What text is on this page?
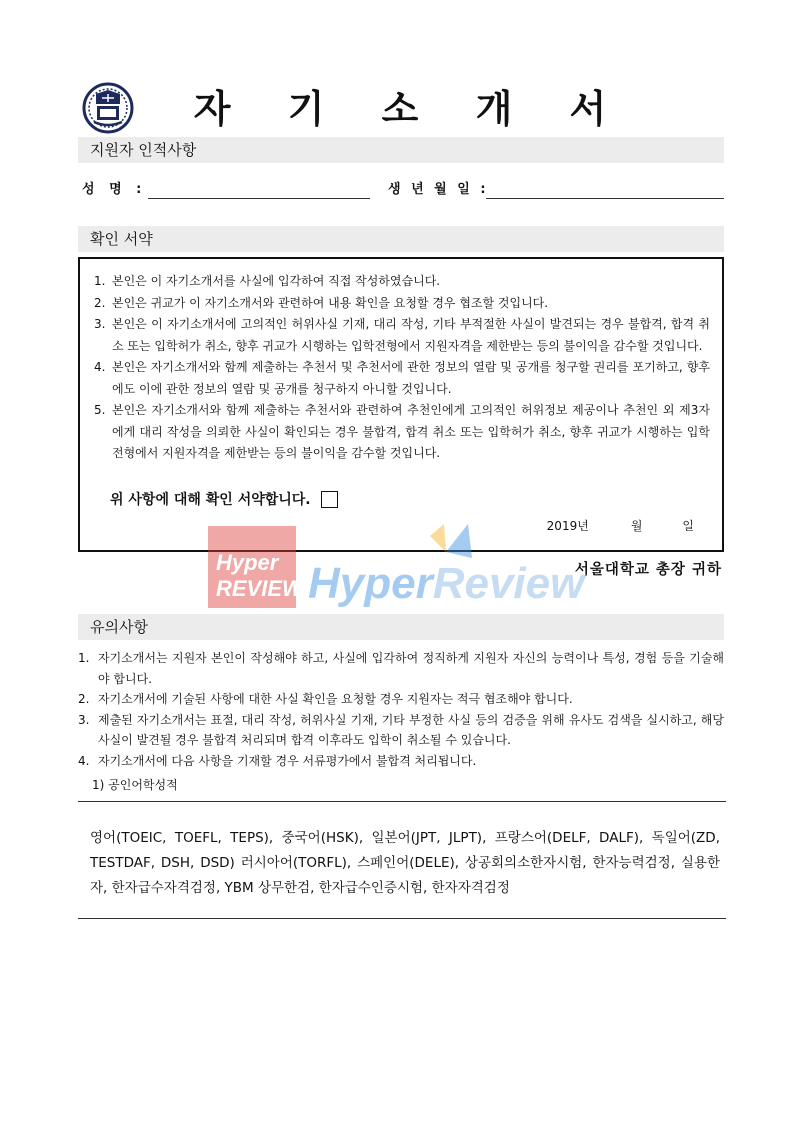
자 기 소 개 서
지원자 인적사항
성 명 :	생 년 월 일 :
확인 서약
1. 본인은 이 자기소개서를 사실에 입각하여 직접 작성하였습니다.
2. 본인은 귀교가 이 자기소개서와 관련하여 내용 확인을 요청할 경우 협조할 것입니다.
3. 본인은 이 자기소개서에 고의적인 허위사실 기재, 대리 작성, 기타 부적절한 사실이 발견되는 경우 불합격, 합격 취소 또는 입학허가 취소, 향후 귀교가 시행하는 입학전형에서 지원자격을 제한받는 등의 불이익을 감수할 것입니다.
4. 본인은 자기소개서와 함께 제출하는 추천서 및 추천서에 관한 정보의 열람 및 공개를 청구할 권리를 포기하고, 향후에도 이에 관한 정보의 열람 및 공개를 청구하지 아니할 것입니다.
5. 본인은 자기소개서와 함께 제출하는 추천서와 관련하여 추천인에게 고의적인 허위정보 제공이나 추천인 외 제3자에게 대리 작성을 의뢰한 사실이 확인되는 경우 불합격, 합격 취소 또는 입학허가 취소, 향후 귀교가 시행하는 입학전형에서 지원자격을 제한받는 등의 불이익을 감수할 것입니다.
위 사항에 대해 확인 서약합니다.
2019년	월	일
서울대학교 총장 귀하
Hyper
REVIEW HyperReview
유의사항
1. 자기소개서는 지원자 본인이 작성해야 하고, 사실에 입각하여 정직하게 지원자 자신의 능력이나 특성, 경험 등을 기술해야 합니다.
2. 자기소개서에 기술된 사항에 대한 사실 확인을 요청할 경우 지원자는 적극 협조해야 합니다.
3. 제출된 자기소개서는 표절, 대리 작성, 허위사실 기재, 기타 부정한 사실 등의 검증을 위해 유사도 검색을 실시하고, 해당 사실이 발견될 경우 불합격 처리되며 합격 이후라도 입학이 취소될 수 있습니다.
4. 자기소개서에 다음 사항을 기재할 경우 서류평가에서 불합격 처리됩니다.
1) 공인어학성적
영어(TOEIC, TOEFL, TEPS), 중국어(HSK), 일본어(JPT, JLPT), 프랑스어(DELF, DALF), 독일어(ZD, TESTDAF, DSH, DSD) 러시아어(TORFL), 스페인어(DELE), 상공회의소한자시험, 한자능력검정, 실용한자, 한자급수자격검정, YBM 상무한검, 한자급수인증시험, 한자자격검정
